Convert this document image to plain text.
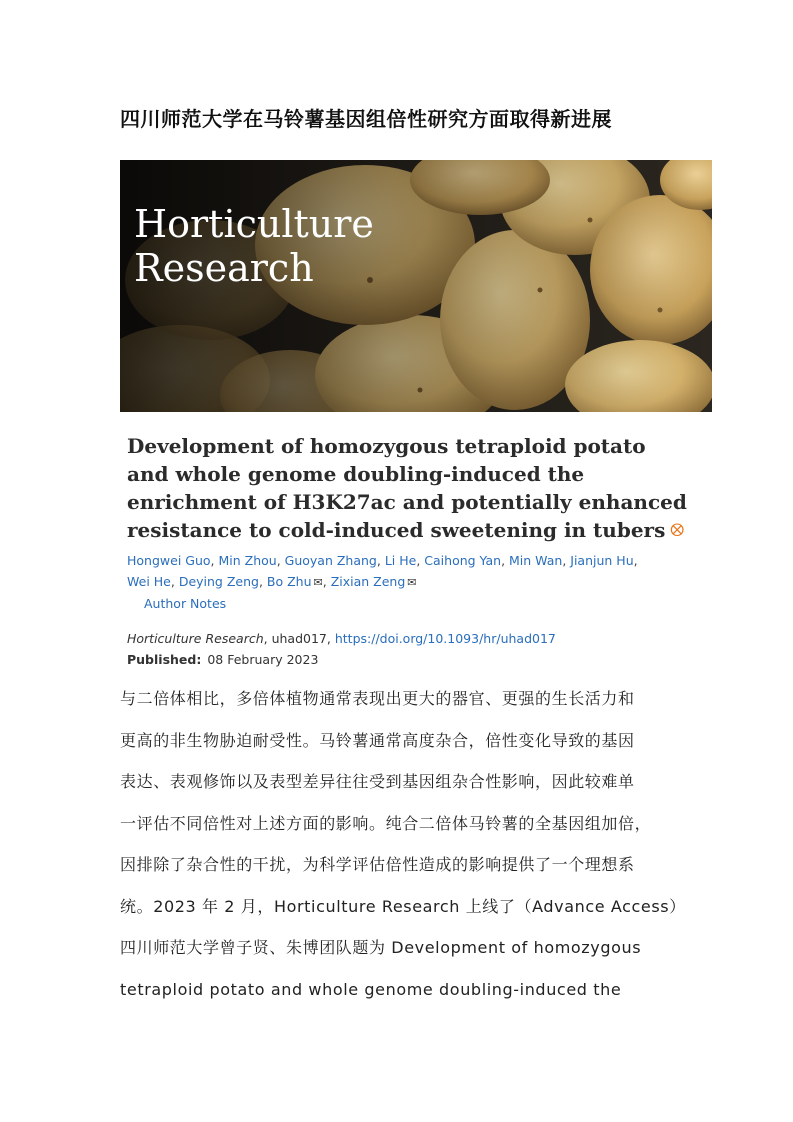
四川师范大学在马铃薯基因组倍性研究方面取得新进展
Horticulture
Research
Development of homozygous tetraploid potato and whole genome doubling-induced the enrichment of H3K27ac and potentially enhanced resistance to cold-induced sweetening in tubers ꕕ
Hongwei Guo, Min Zhou, Guoyan Zhang, Li He, Caihong Yan, Min Wan, Jianjun Hu,
Wei He, Deying Zeng, Bo Zhu ✉, Zixian Zeng ✉
Author Notes
Horticulture Research, uhad017, https://doi.org/10.1093/hr/uhad017
Published: 08 February 2023
与二倍体相比，多倍体植物通常表现出更大的器官、更强的生长活力和
更高的非生物胁迫耐受性。马铃薯通常高度杂合，倍性变化导致的基因
表达、表观修饰以及表型差异往往受到基因组杂合性影响，因此较难单
一评估不同倍性对上述方面的影响。纯合二倍体马铃薯的全基因组加倍，
因排除了杂合性的干扰，为科学评估倍性造成的影响提供了一个理想系
统。2023 年 2 月，Horticulture Research 上线了（Advance Access）
四川师范大学曾子贤、朱博团队题为 Development of homozygous
tetraploid potato and whole genome doubling-induced the
